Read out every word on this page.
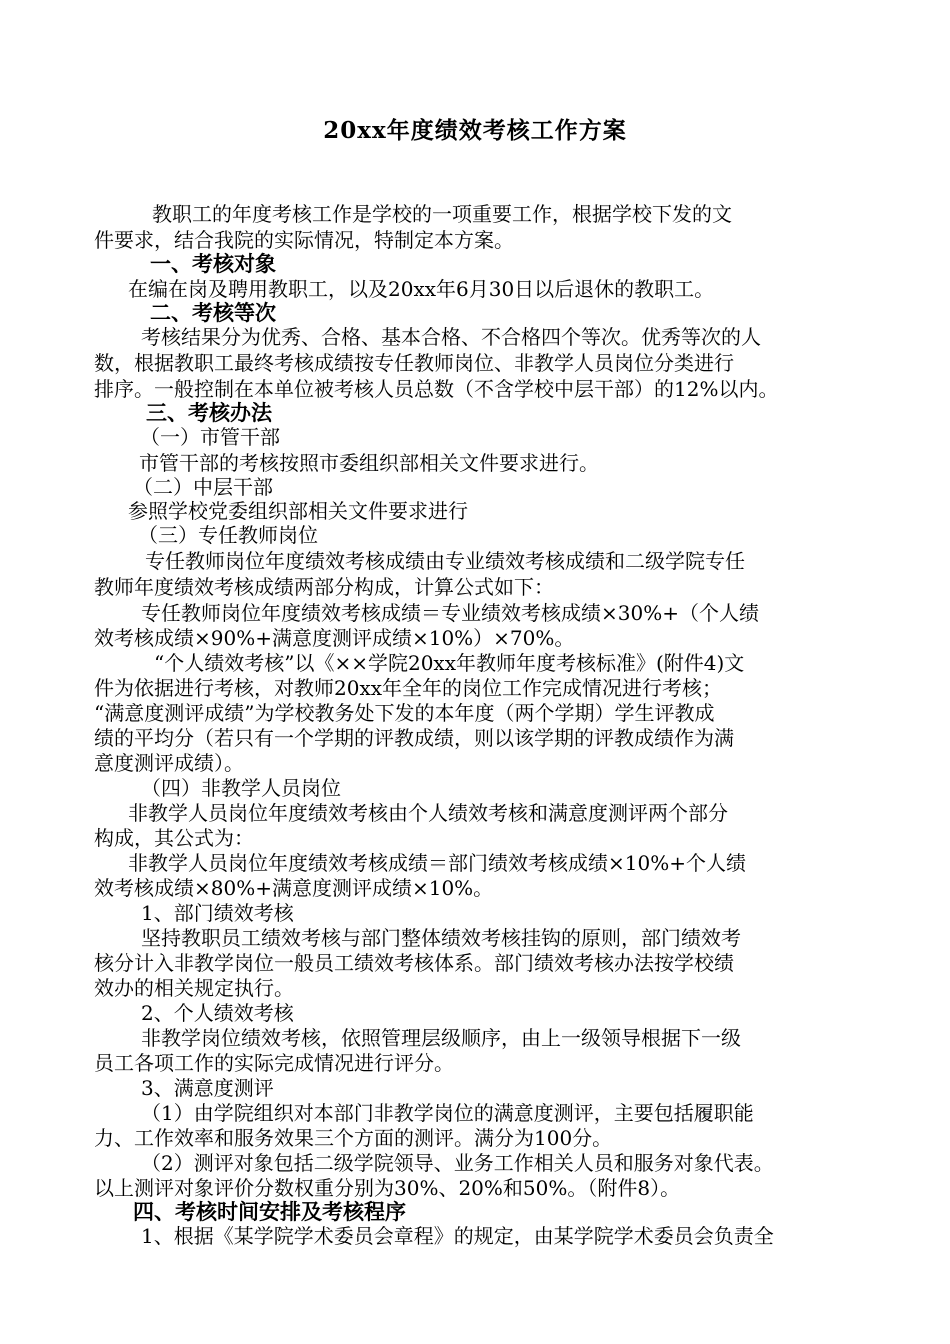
20xx年度绩效考核工作方案
教职工的年度考核工作是学校的一项重要工作，根据学校下发的文
件要求，结合我院的实际情况，特制定本方案。
一、考核对象
在编在岗及聘用教职工，以及20xx年6月30日以后退休的教职工。
二、考核等次
考核结果分为优秀、合格、基本合格、不合格四个等次。优秀等次的人
数，根据教职工最终考核成绩按专任教师岗位、非教学人员岗位分类进行
排序。一般控制在本单位被考核人员总数（不含学校中层干部）的12%以内。
三、考核办法
（一）市管干部
市管干部的考核按照市委组织部相关文件要求进行。
（二）中层干部
参照学校党委组织部相关文件要求进行
（三）专任教师岗位
专任教师岗位年度绩效考核成绩由专业绩效考核成绩和二级学院专任
教师年度绩效考核成绩两部分构成，计算公式如下：
专任教师岗位年度绩效考核成绩＝专业绩效考核成绩×30%+（个人绩
效考核成绩×90%+满意度测评成绩×10%）×70%。
“个人绩效考核”以《××学院20xx年教师年度考核标准》(附件4)文
件为依据进行考核，对教师20xx年全年的岗位工作完成情况进行考核；
“满意度测评成绩”为学校教务处下发的本年度（两个学期）学生评教成
绩的平均分（若只有一个学期的评教成绩，则以该学期的评教成绩作为满
意度测评成绩）。
（四）非教学人员岗位
非教学人员岗位年度绩效考核由个人绩效考核和满意度测评两个部分
构成，其公式为：
非教学人员岗位年度绩效考核成绩＝部门绩效考核成绩×10%+个人绩
效考核成绩×80%+满意度测评成绩×10%。
1、部门绩效考核
坚持教职员工绩效考核与部门整体绩效考核挂钩的原则，部门绩效考
核分计入非教学岗位一般员工绩效考核体系。部门绩效考核办法按学校绩
效办的相关规定执行。
2、个人绩效考核
非教学岗位绩效考核，依照管理层级顺序，由上一级领导根据下一级
员工各项工作的实际完成情况进行评分。
3、满意度测评
（1）由学院组织对本部门非教学岗位的满意度测评，主要包括履职能
力、工作效率和服务效果三个方面的测评。满分为100分。
（2）测评对象包括二级学院领导、业务工作相关人员和服务对象代表。
以上测评对象评价分数权重分别为30%、20%和50%。（附件8）。
四、考核时间安排及考核程序
1、根据《某学院学术委员会章程》的规定，由某学院学术委员会负责全
